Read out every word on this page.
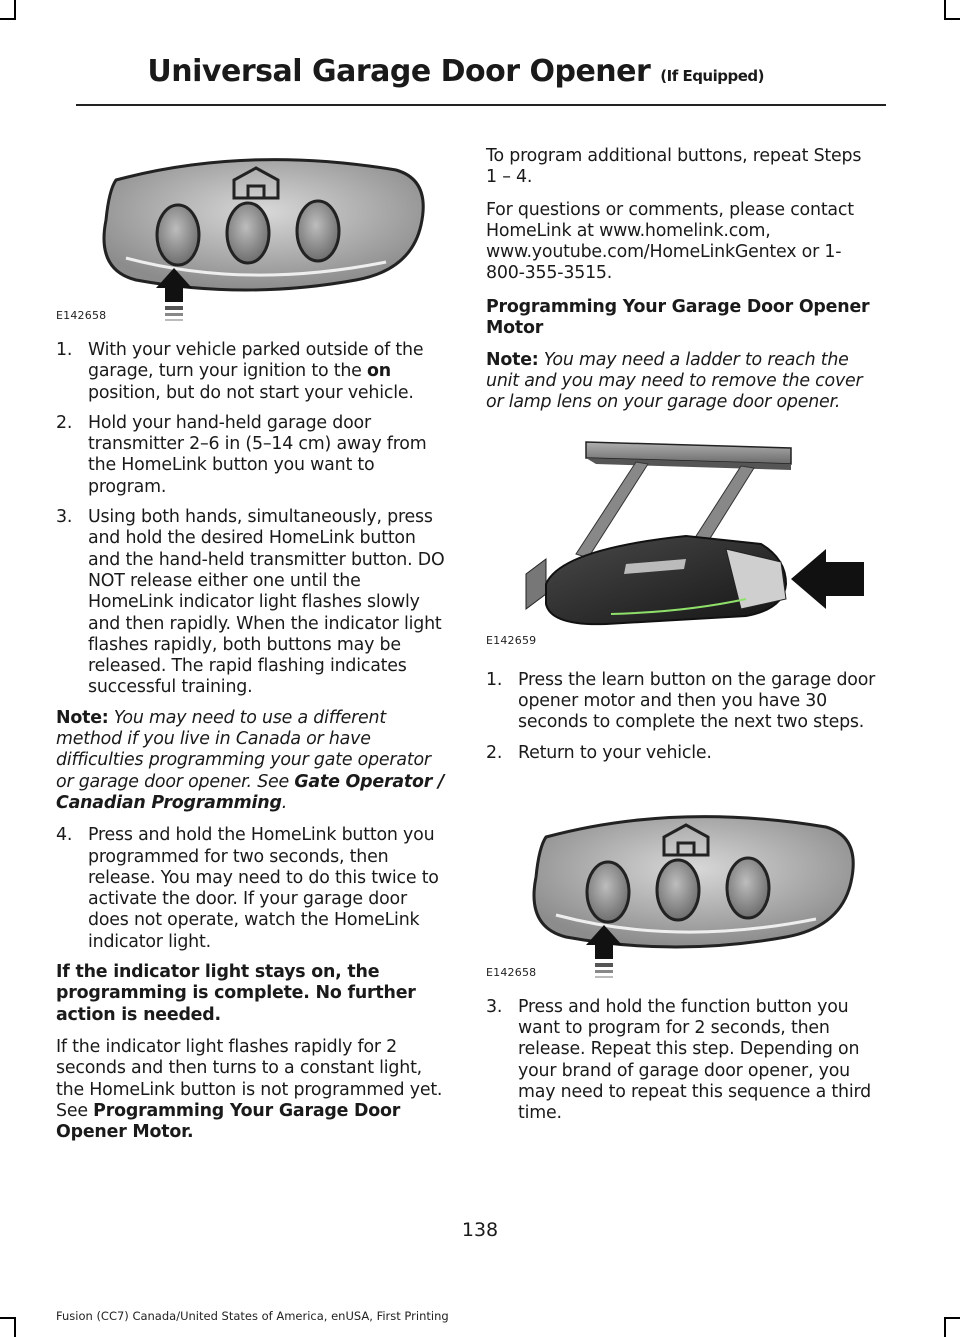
Universal Garage Door Opener (If Equipped)
E142658
1. With your vehicle parked outside of the garage, turn your ignition to the on position, but do not start your vehicle.
2. Hold your hand-held garage door transmitter 2–6 in (5–14 cm) away from the HomeLink button you want to program.
3. Using both hands, simultaneously, press and hold the desired HomeLink button and the hand-held transmitter button. DO NOT release either one until the HomeLink indicator light flashes slowly and then rapidly. When the indicator light flashes rapidly, both buttons may be released. The rapid flashing indicates successful training.

Note: You may need to use a different method if you live in Canada or have difficulties programming your gate operator or garage door opener. See Gate Operator / Canadian Programming.

4. Press and hold the HomeLink button you programmed for two seconds, then release. You may need to do this twice to activate the door. If your garage door does not operate, watch the HomeLink indicator light.

If the indicator light stays on, the programming is complete. No further action is needed.

If the indicator light flashes rapidly for 2 seconds and then turns to a constant light, the HomeLink button is not programmed yet. See Programming Your Garage Door Opener Motor.

To program additional buttons, repeat Steps 1 – 4.

For questions or comments, please contact HomeLink at www.homelink.com, www.youtube.com/HomeLinkGentex or 1-800-355-3515.

Programming Your Garage Door Opener Motor

Note: You may need a ladder to reach the unit and you may need to remove the cover or lamp lens on your garage door opener.

E142659
1. Press the learn button on the garage door opener motor and then you have 30 seconds to complete the next two steps.
2. Return to your vehicle.
E142658
3. Press and hold the function button you want to program for 2 seconds, then release. Repeat this step. Depending on your brand of garage door opener, you may need to repeat this sequence a third time.
138
Fusion (CC7) Canada/United States of America, enUSA, First Printing
